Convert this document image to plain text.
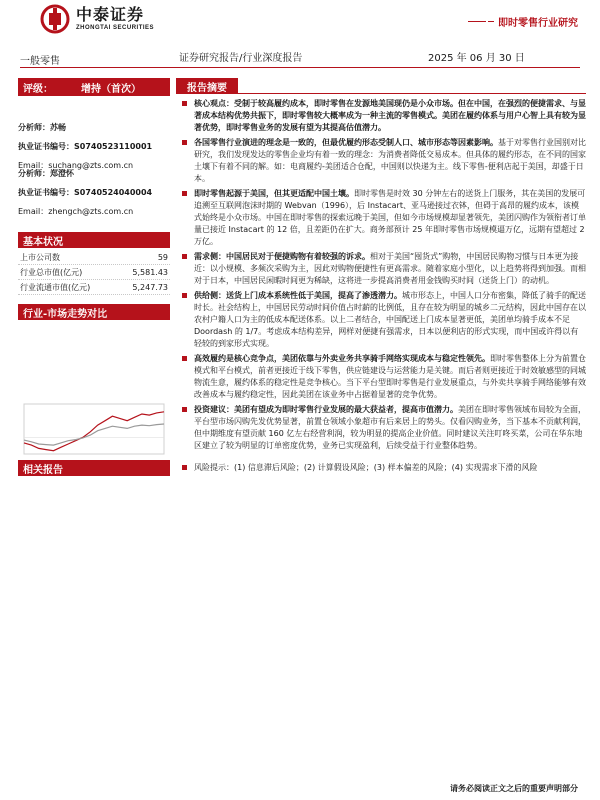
中泰证券
ZHONGTAI SECURITIES	即时零售行业研究
一般零售	证券研究报告/行业深度报告	2025 年 06 月 30 日
评级：	增持（首次）
分析师：苏畅
执业证书编号：S0740523110001
Email：suchang@zts.com.cn
分析师：郑澄怀
执业证书编号：S0740524040004
Email：zhengch@zts.com.cn
基本状况
上市公司数	59
行业总市值(亿元)	5,581.43
行业流通市值(亿元)	5,247.73
行业-市场走势对比
相关报告
报告摘要
核心观点：受制于较高履约成本，即时零售在发源地美国现仍是小众市场。但在中国，在强烈的便捷需求、与显著成本结构优势共振下，即时零售较大概率成为一种主流的零售模式。美团在履约体系与用户心智上具有较为显著优势，即时零售业务的发展有望为其提高估值潜力。
各国零售行业演进的理念是一致的，但最优履约形态受制人口、城市形态等因素影响。基于对零售行业国别对比研究，我们发现发达的零售企业均有着一致的理念：为消费者降低交易成本。但具体的履约形态，在不同的国家土壤下有着不同的解。如：电商履约-美团适合仓配，中国则以快递为主。线下零售-便利店起于美国，却盛于日本。
即时零售起源于美国，但其更适配中国土壤。即时零售是时效 30 分钟左右的送货上门服务，其在美国的发展可追溯至互联网泡沫时期的 Webvan（1996），后 Instacart、亚马逊接过衣钵，但碍于高昂的履约成本，该模式始终是小众市场。中国在即时零售的探索远晚于美国，但如今市场规模却显著领先，美团闪购作为领衔者订单量已接近 Instacart 的 12 倍，且差距仍在扩大。商务部预计 25 年即时零售市场规模逼万亿，远期有望超过 2 万亿。
需求侧：中国居民对于便捷购物有着较强的诉求。相对于美国“囤货式”购物，中国居民购物习惯与日本更为接近：以小规模、多频次采购为主，因此对购物便捷性有更高需求。随着家庭小型化，以上趋势将得到加强。而相对于日本，中国居民闲暇时间更为稀缺，这将进一步提高消费者用金钱购买时间（送货上门）的动机。
供给侧：送货上门成本系统性低于美国，提高了渗透潜力。城市形态上，中国人口分布密集，降低了骑手的配送时长。社会结构上，中国居民劳动时间价值占时薪的比例低，且存在较为明显的城乡二元结构，因此中国存在以农村户籍人口为主的低成本配送体系。以上二者结合，中国配送上门成本显著更低，美团单均骑手成本不足 Doordash 的 1/7。考虑成本结构差异，网样对便捷有强需求，日本以便利店的形式实现，而中国或许得以有轻较的到家形式实现。
高效履约是核心竞争点，美团依靠与外卖业务共享骑手网络实现成本与稳定性领先。即时零售整体上分为前置仓模式和平台模式，前者更接近于线下零售，供应链建设与运营能力是关键。而后者则更接近于时效敏感型的同城物流生意，履约体系的稳定性是竞争核心。当下平台型即时零售是行业发展重点，与外卖共享骑手网络能够有效改善成本与履约稳定性，因此美团在该业务中占据着显著的竞争优势。
投资建议：美团有望成为即时零售行业发展的最大获益者，提高市值潜力。美团在即时零售领域布局较为全面，平台型市场闪购先发优势显著，前置仓领域小象超市有后来居上的势头。仅看闪购业务，当下基本不贡献利润，但中期维度有望贡献 160 亿左右经营利润，较为明显的提高企业价值。同时建议关注叮咚买菜，公司在华东地区建立了较为明显的订单密度优势，业务已实现盈利，后续受益于行业整体趋势。
风险提示：(1) 信息滞后风险；(2) 计算假设风险；(3) 样本偏差的风险；(4) 实现需求下滑的风险
请务必阅读正文之后的重要声明部分
